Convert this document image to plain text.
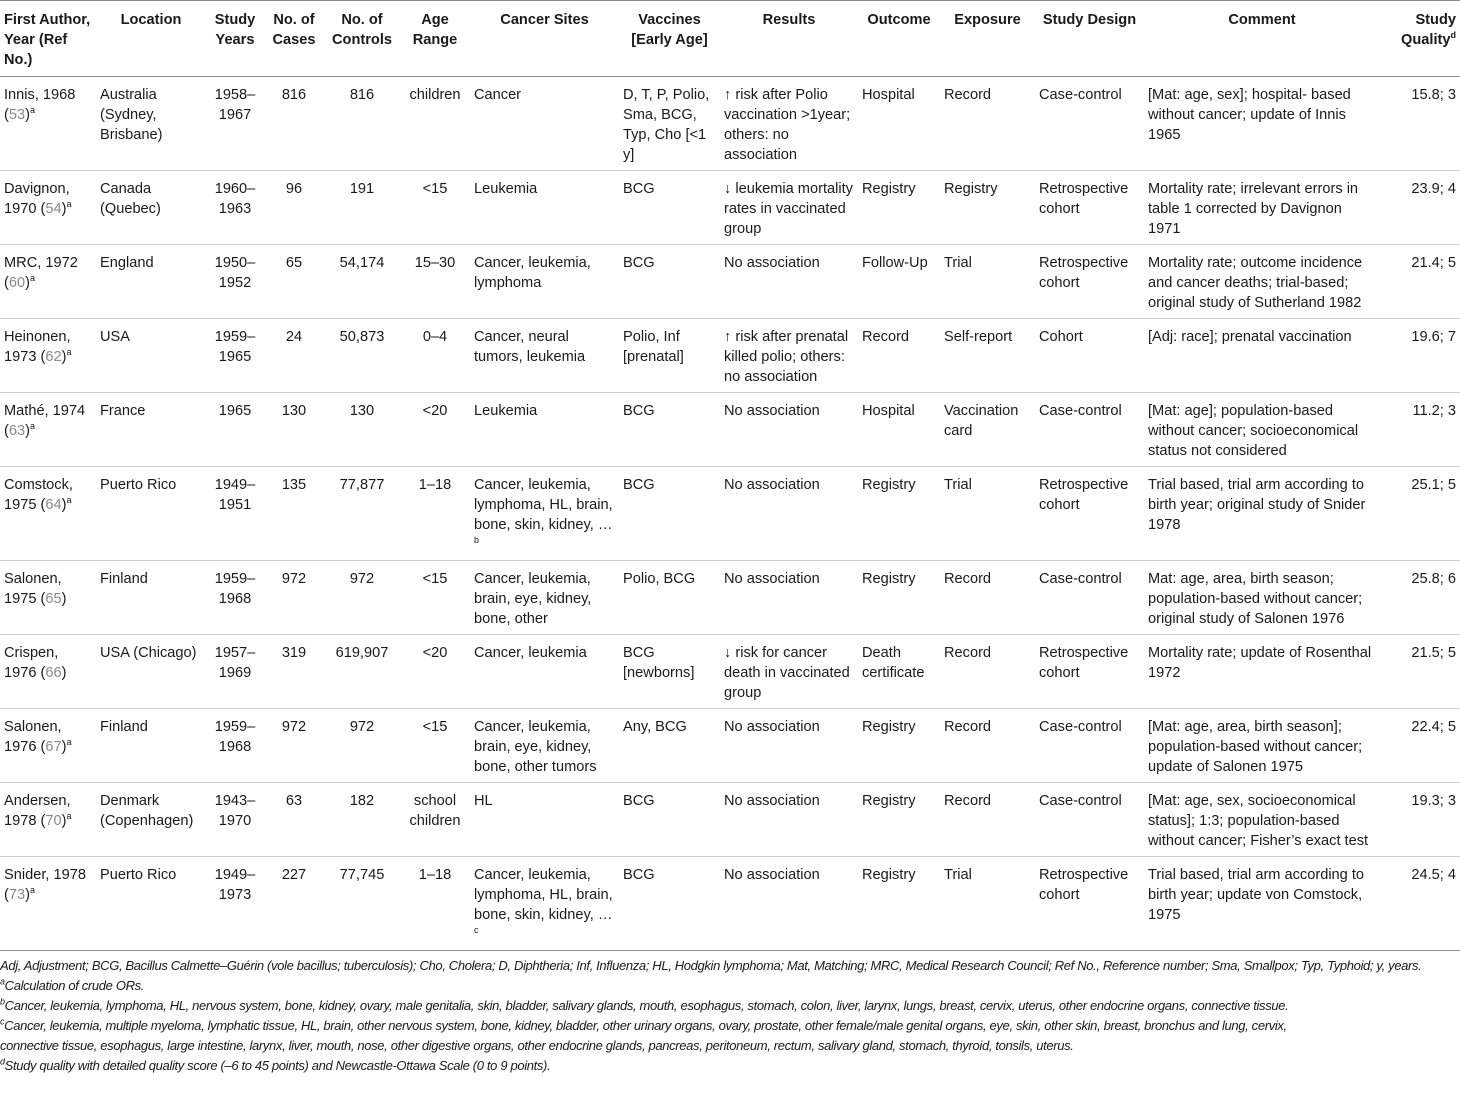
First Author, Year (Ref No.)	Location	Study Years	No. of Cases	No. of Controls	Age Range	Cancer Sites	Vaccines [Early Age]	Results	Outcome	Exposure	Study Design	Comment	Study Quality$^d$
Innis, 1968 $(53)^a$	Australia (Sydney, Brisbane)	1958–1967	816	816	children	Cancer	D, T, P, Polio, Sma, BCG, Typ, Cho [<1 y]	↑ risk after Polio vaccination >1year; others: no association	Hospital	Record	Case-control	[Mat: age, sex]; hospital- based without cancer; update of Innis 1965	15.8; 3
Davignon, 1970 $(54)^a$	Canada (Quebec)	1960–1963	96	191	<15	Leukemia	BCG	↓ leukemia mortality rates in vaccinated group	Registry	Registry	Retrospective cohort	Mortality rate; irrelevant errors in table 1 corrected by Davignon 1971	23.9; 4
MRC, 1972 $(60)^a$	England	1950–1952	65	54,174	15–30	Cancer, leukemia, lymphoma	BCG	No association	Follow-Up	Trial	Retrospective cohort	Mortality rate; outcome incidence and cancer deaths; trial-based; original study of Sutherland 1982	21.4; 5
Heinonen, 1973 $(62)^a$	USA	1959–1965	24	50,873	0–4	Cancer, neural tumors, leukemia	Polio, Inf [prenatal]	↑ risk after prenatal killed polio; others: no association	Record	Self-report	Cohort	[Adj: race]; prenatal vaccination	19.6; 7
Mathé, 1974 $(63)^a$	France	1965	130	130	<20	Leukemia	BCG	No association	Hospital	Vaccination card	Case-control	[Mat: age]; population-based without cancer; socioeconomical status not considered	11.2; 3
Comstock, 1975 $(64)^a$	Puerto Rico	1949–1951	135	77,877	1–18	Cancer, leukemia, lymphoma, HL, brain, bone, skin, kidney, …$^b$	BCG	No association	Registry	Trial	Retrospective cohort	Trial based, trial arm according to birth year; original study of Snider 1978	25.1; 5
Salonen, 1975 (65)	Finland	1959–1968	972	972	<15	Cancer, leukemia, brain, eye, kidney, bone, other	Polio, BCG	No association	Registry	Record	Case-control	Mat: age, area, birth season; population-based without cancer; original study of Salonen 1976	25.8; 6
Crispen, 1976 (66)	USA (Chicago)	1957–1969	319	619,907	<20	Cancer, leukemia	BCG [newborns]	↓ risk for cancer death in vaccinated group	Death certificate	Record	Retrospective cohort	Mortality rate; update of Rosenthal 1972	21.5; 5
Salonen, 1976 $(67)^a$	Finland	1959–1968	972	972	<15	Cancer, leukemia, brain, eye, kidney, bone, other tumors	Any, BCG	No association	Registry	Record	Case-control	[Mat: age, area, birth season]; population-based without cancer; update of Salonen 1975	22.4; 5
Andersen, 1978 $(70)^a$	Denmark (Copenhagen)	1943–1970	63	182	school children	HL	BCG	No association	Registry	Record	Case-control	[Mat: age, sex, socioeconomical status]; 1:3; population-based without cancer; Fisher’s exact test	19.3; 3
Snider, 1978 $(73)^a$	Puerto Rico	1949–1973	227	77,745	1–18	Cancer, leukemia, lymphoma, HL, brain, bone, skin, kidney, …$^c$	BCG	No association	Registry	Trial	Retrospective cohort	Trial based, trial arm according to birth year; update von Comstock, 1975	24.5; 4
Adj, Adjustment; BCG, Bacillus Calmette–Guérin (vole bacillus; tuberculosis); Cho, Cholera; D, Diphtheria; Inf, Influenza; HL, Hodgkin lymphoma; Mat, Matching; MRC, Medical Research Council; Ref No., Reference number; Sma, Smallpox; Typ, Typhoid; y, years.
$^a$Calculation of crude ORs.
$^b$Cancer, leukemia, lymphoma, HL, nervous system, bone, kidney, ovary, male genitalia, skin, bladder, salivary glands, mouth, esophagus, stomach, colon, liver, larynx, lungs, breast, cervix, uterus, other endocrine organs, connective tissue.
$^c$Cancer, leukemia, multiple myeloma, lymphatic tissue, HL, brain, other nervous system, bone, kidney, bladder, other urinary organs, ovary, prostate, other female/male genital organs, eye, skin, other skin, breast, bronchus and lung, cervix,
connective tissue, esophagus, large intestine, larynx, liver, mouth, nose, other digestive organs, other endocrine glands, pancreas, peritoneum, rectum, salivary gland, stomach, thyroid, tonsils, uterus.
$^d$Study quality with detailed quality score (–6 to 45 points) and Newcastle-Ottawa Scale (0 to 9 points).
